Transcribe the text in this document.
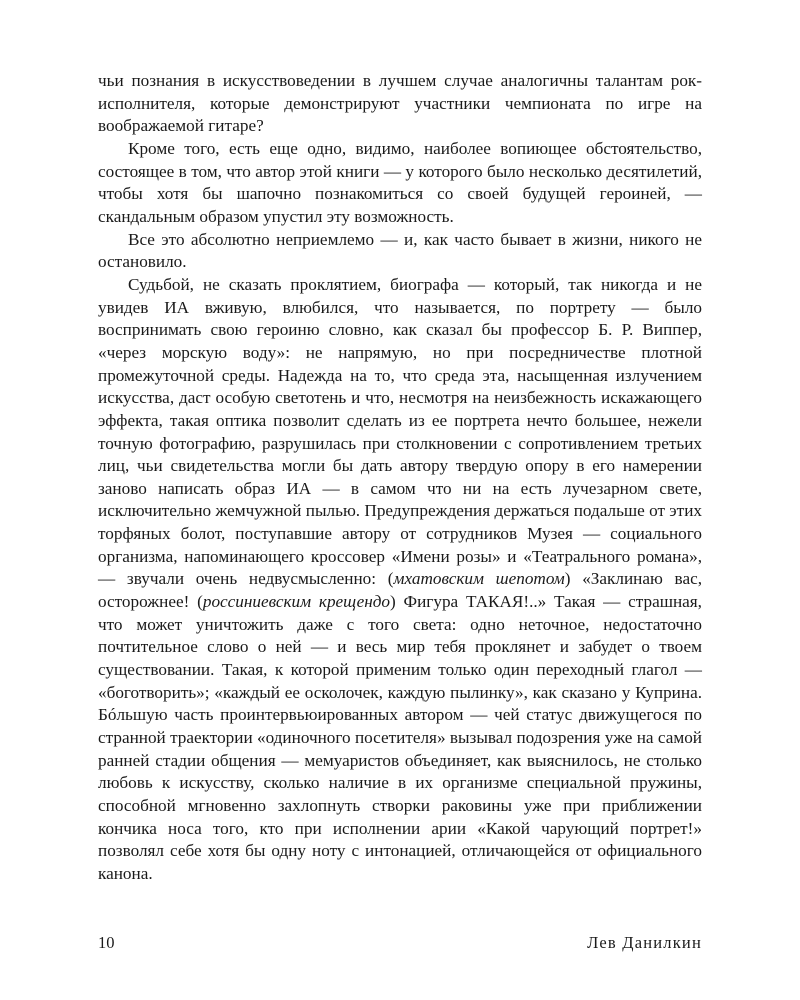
чьи познания в искусствоведении в лучшем случае аналогичны талантам рок-исполнителя, которые демонстрируют участники чемпионата по игре на воображаемой гитаре?

Кроме того, есть еще одно, видимо, наиболее вопиющее обстоятельство, состоящее в том, что автор этой книги — у которого было несколько десятилетий, чтобы хотя бы шапочно познакомиться со своей будущей героиней, — скандальным образом упустил эту возможность.

Все это абсолютно неприемлемо — и, как часто бывает в жизни, никого не остановило.

Судьбой, не сказать проклятием, биографа — который, так никогда и не увидев ИА вживую, влюбился, что называется, по портрету — было воспринимать свою героиню словно, как сказал бы профессор Б. Р. Виппер, «через морскую воду»: не напрямую, но при посредничестве плотной промежуточной среды. Надежда на то, что среда эта, насыщенная излучением искусства, даст особую светотень и что, несмотря на неизбежность искажающего эффекта, такая оптика позволит сделать из ее портрета нечто большее, нежели точную фотографию, разрушилась при столкновении с сопротивлением третьих лиц, чьи свидетельства могли бы дать автору твердую опору в его намерении заново написать образ ИА — в самом что ни на есть лучезарном свете, исключительно жемчужной пылью. Предупреждения держаться подальше от этих торфяных болот, поступавшие автору от сотрудников Музея — социального организма, напоминающего кроссовер «Имени розы» и «Театрального романа», — звучали очень недвусмысленно: (мхатовским шепотом) «Заклинаю вас, осторожнее! (россиниевским крещендо) Фигура ТАКАЯ!..» Такая — страшная, что может уничтожить даже с того света: одно неточное, недостаточно почтительное слово о ней — и весь мир тебя проклянет и забудет о твоем существовании. Такая, к которой применим только один переходный глагол — «боготворить»; «каждый ее осколочек, каждую пылинку», как сказано у Куприна. Бóльшую часть проинтервьюированных автором — чей статус движущегося по странной траектории «одиночного посетителя» вызывал подозрения уже на самой ранней стадии общения — мемуаристов объединяет, как выяснилось, не столько любовь к искусству, сколько наличие в их организме специальной пружины, способной мгновенно захлопнуть створки раковины уже при приближении кончика носа того, кто при исполнении арии «Какой чарующий портрет!» позволял себе хотя бы одну ноту с интонацией, отличающейся от официального канона.

10	Лев Данилкин
